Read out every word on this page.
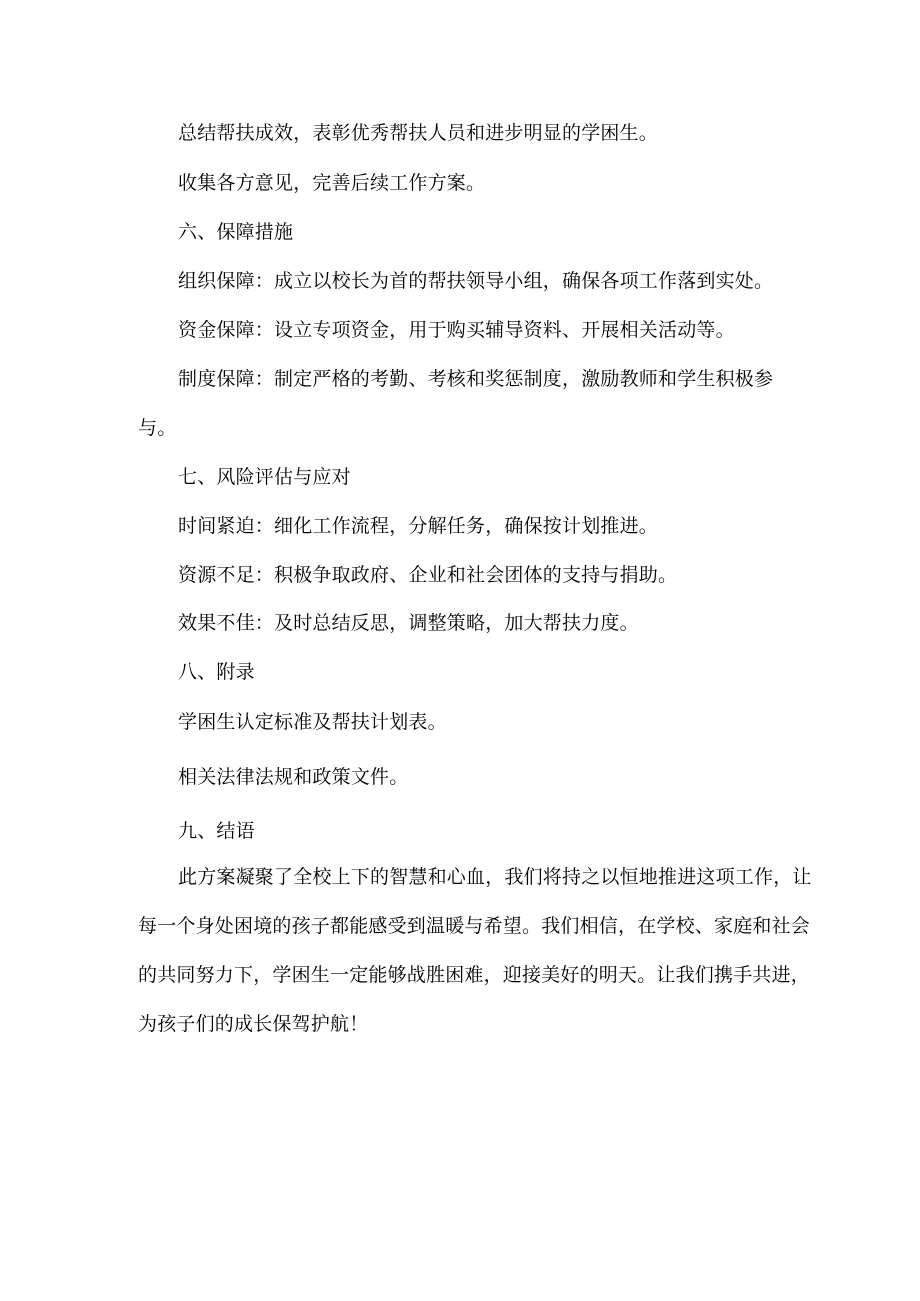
总结帮扶成效，表彰优秀帮扶人员和进步明显的学困生。
收集各方意见，完善后续工作方案。
六、保障措施
组织保障：成立以校长为首的帮扶领导小组，确保各项工作落到实处。
资金保障：设立专项资金，用于购买辅导资料、开展相关活动等。
制度保障：制定严格的考勤、考核和奖惩制度，激励教师和学生积极参
与。
七、风险评估与应对
时间紧迫：细化工作流程，分解任务，确保按计划推进。
资源不足：积极争取政府、企业和社会团体的支持与捐助。
效果不佳：及时总结反思，调整策略，加大帮扶力度。
八、附录
学困生认定标准及帮扶计划表。
相关法律法规和政策文件。
九、结语
此方案凝聚了全校上下的智慧和心血，我们将持之以恒地推进这项工作，让
每一个身处困境的孩子都能感受到温暖与希望。我们相信，在学校、家庭和社会
的共同努力下，学困生一定能够战胜困难，迎接美好的明天。让我们携手共进，
为孩子们的成长保驾护航！
